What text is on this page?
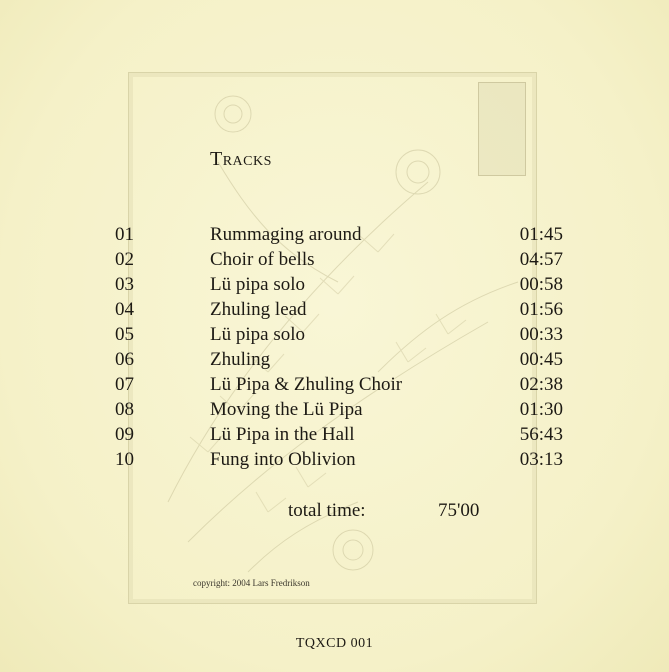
Tracks
01	Rummaging around	01:45
02	Choir of bells	04:57
03	Lü pipa solo	00:58
04	Zhuling lead	01:56
05	Lü pipa solo	00:33
06	Zhuling	00:45
07	Lü Pipa & Zhuling Choir	02:38
08	Moving the Lü Pipa	01:30
09	Lü Pipa in the Hall	56:43
10	Fung into Oblivion	03:13
total time:	75'00
copyright: 2004 Lars Fredrikson
TQXCD 001
